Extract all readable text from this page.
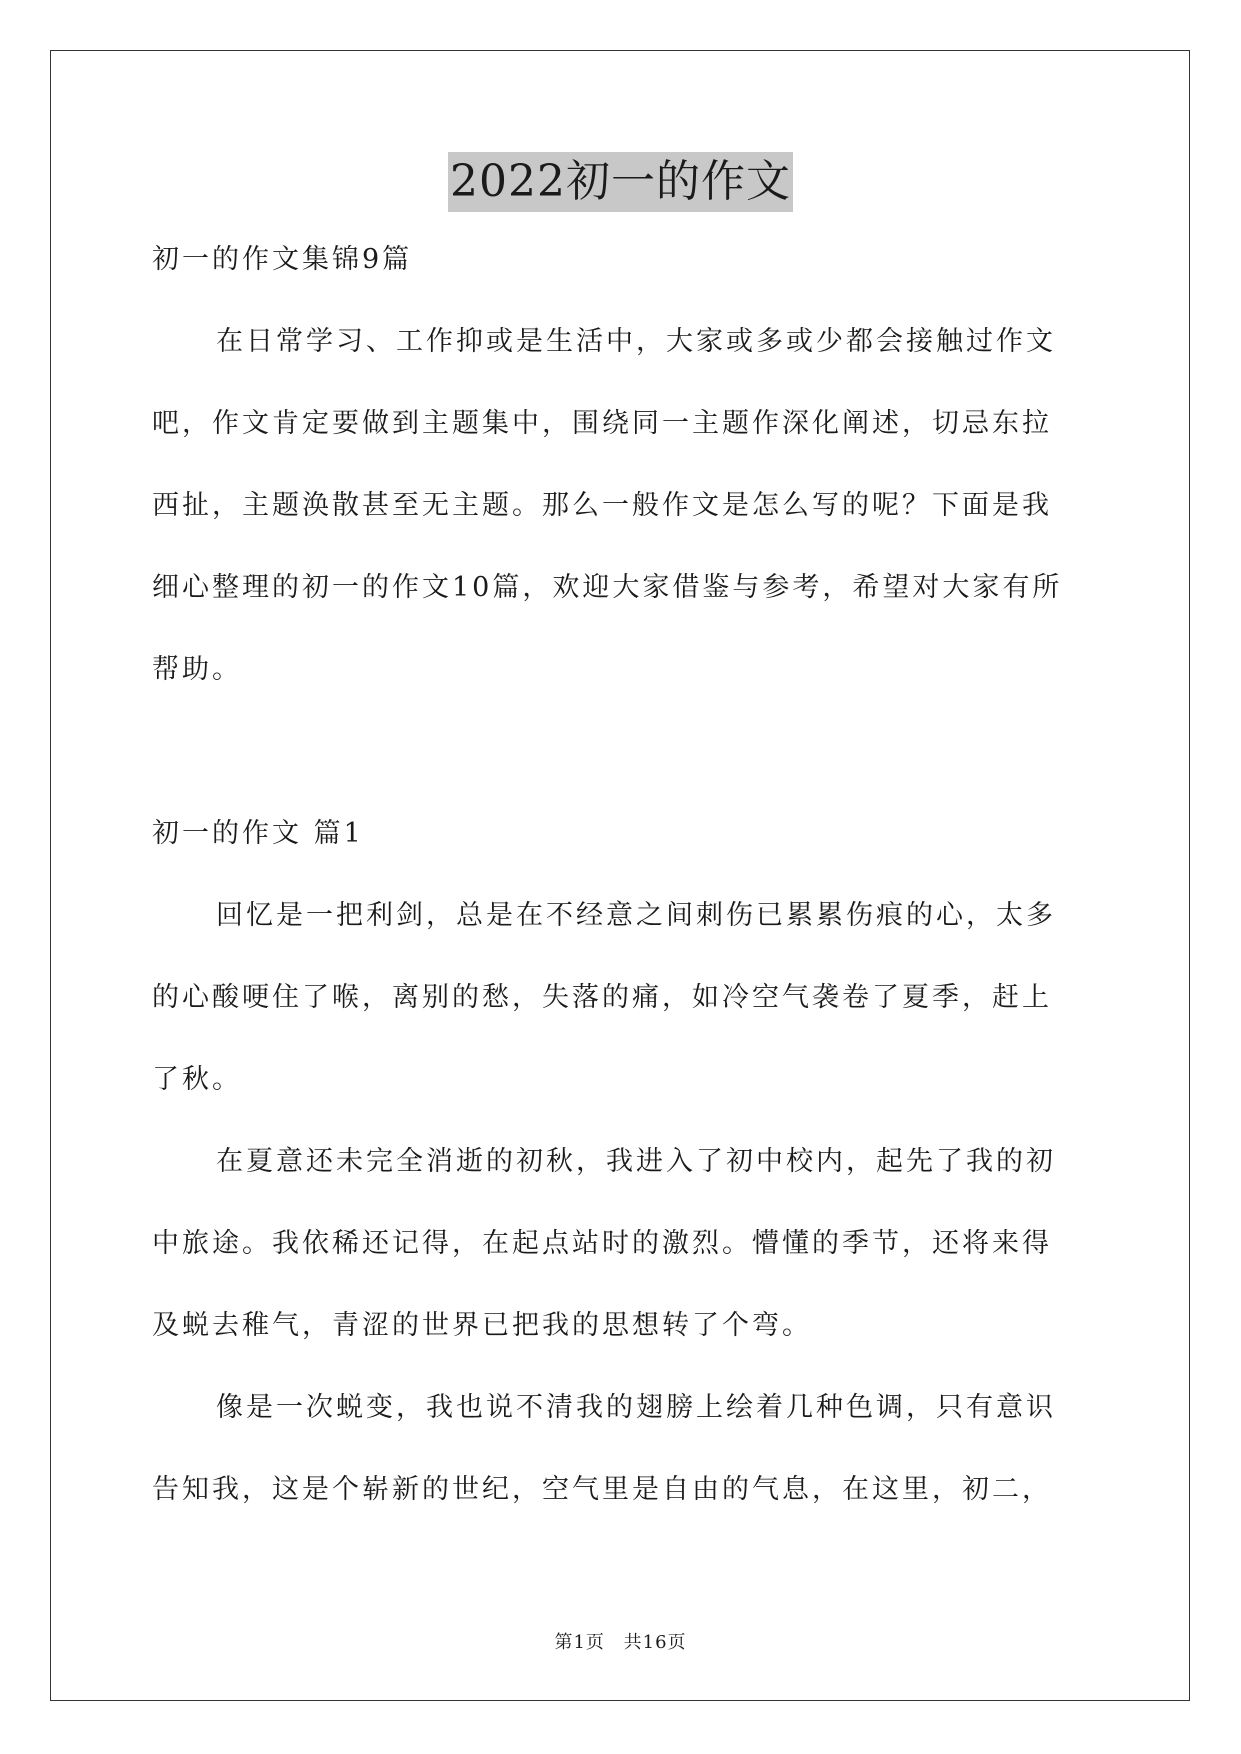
2022初一的作文
初一的作文集锦9篇
在日常学习、工作抑或是生活中，大家或多或少都会接触过作文
吧，作文肯定要做到主题集中，围绕同一主题作深化阐述，切忌东拉
西扯，主题涣散甚至无主题。那么一般作文是怎么写的呢？下面是我
细心整理的初一的作文10篇，欢迎大家借鉴与参考，希望对大家有所
帮助。
初一的作文 篇1
回忆是一把利剑，总是在不经意之间刺伤已累累伤痕的心，太多
的心酸哽住了喉，离别的愁，失落的痛，如冷空气袭卷了夏季，赶上
了秋。
在夏意还未完全消逝的初秋，我进入了初中校内，起先了我的初
中旅途。我依稀还记得，在起点站时的激烈。懵懂的季节，还将来得
及蜕去稚气，青涩的世界已把我的思想转了个弯。
像是一次蜕变，我也说不清我的翅膀上绘着几种色调，只有意识
告知我，这是个崭新的世纪，空气里是自由的气息，在这里，初二，
第1页 共16页
